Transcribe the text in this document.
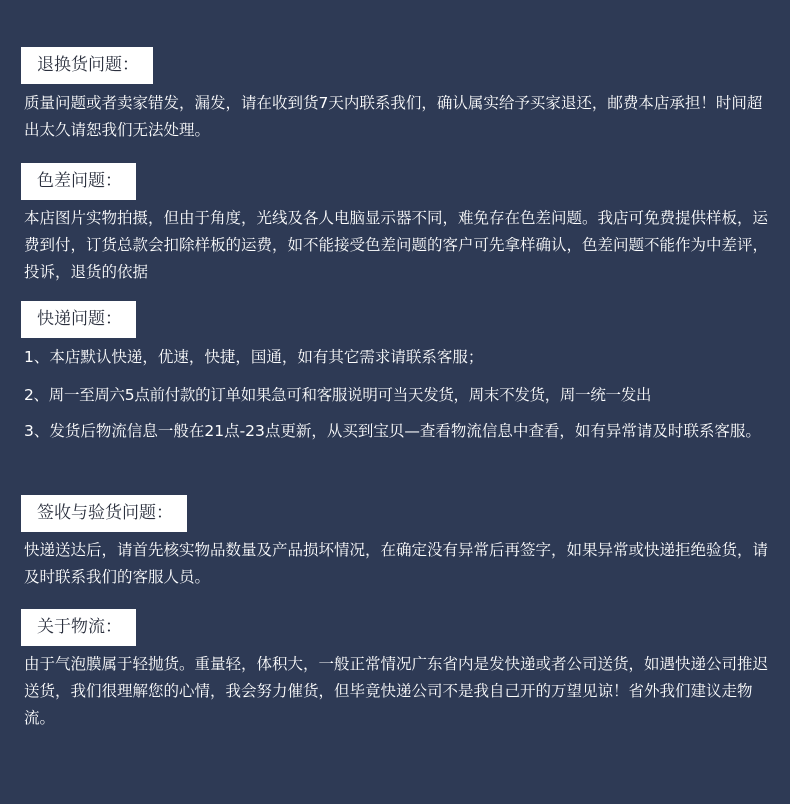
退换货问题：

质量问题或者卖家错发，漏发，请在收到货7天内联系我们，确认属实给予买家退还，邮费本店承担！时间超出太久请恕我们无法处理。

色差问题：

本店图片实物拍摄，但由于角度，光线及各人电脑显示器不同，难免存在色差问题。我店可免费提供样板，运费到付，订货总款会扣除样板的运费，如不能接受色差问题的客户可先拿样确认，色差问题不能作为中差评，投诉，退货的依据

快递问题：

1、本店默认快递，优速，快捷，国通，如有其它需求请联系客服；

2、周一至周六5点前付款的订单如果急可和客服说明可当天发货，周末不发货，周一统一发出

3、发货后物流信息一般在21点-23点更新，从买到宝贝—查看物流信息中查看，如有异常请及时联系客服。

签收与验货问题：

快递送达后，请首先核实物品数量及产品损坏情况，在确定没有异常后再签字，如果异常或快递拒绝验货，请及时联系我们的客服人员。

关于物流：

由于气泡膜属于轻抛货。重量轻，体积大，一般正常情况广东省内是发快递或者公司送货，如遇快递公司推迟送货，我们很理解您的心情，我会努力催货，但毕竟快递公司不是我自己开的万望见谅！省外我们建议走物流。
